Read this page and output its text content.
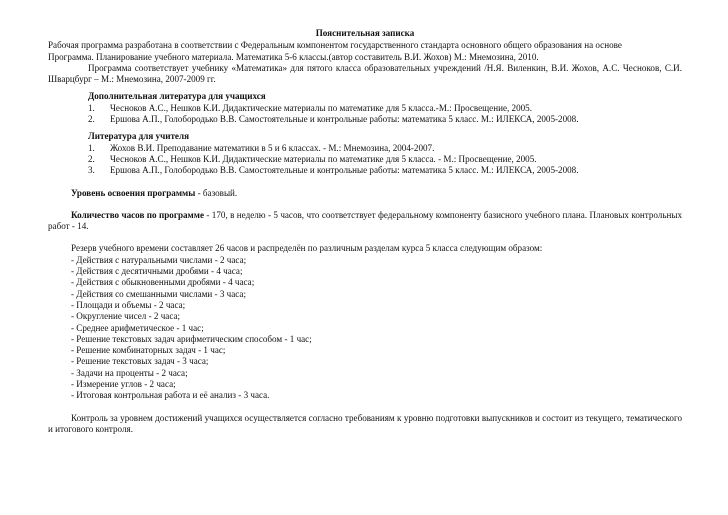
Пояснительная записка
Рабочая программа разработана в соответствии с Федеральным компонентом государственного стандарта основного общего образования на основе
Программа. Планирование учебного материала. Математика 5-6 классы.(автор составитель В.И. Жохов) М.: Мнемозина, 2010.
Программа соответствует учебнику «Математика» для пятого класса образовательных учреждений /Н.Я. Виленкин, В.И. Жохов, А.С. Чесноков, С.И. Шварцбург – М.: Мнемозина, 2007-2009 гг.
Дополнительная литература для учащихся
1.	Чесноков А.С., Нешков К.И. Дидактические материалы по математике для 5 класса.-М.: Просвещение, 2005.
2.	Ершова А.П., Голобородько В.В. Самостоятельные и контрольные работы: математика 5 класс. М.: ИЛЕКСА, 2005-2008.
Литература для учителя
1.	Жохов В.И. Преподавание математики в 5 и 6 классах. - М.: Мнемозина, 2004-2007.
2.	Чесноков А.С., Нешков К.И. Дидактические материалы по математике для 5 класса. - М.: Просвещение, 2005.
3.	Ершова А.П., Голобородько В.В. Самостоятельные и контрольные работы: математика 5 класс. М.: ИЛЕКСА, 2005-2008.
Уровень освоения программы - базовый.
Количество часов по программе - 170, в неделю - 5 часов, что соответствует федеральному компоненту базисного учебного плана. Плановых контрольных работ - 14.
Резерв учебного времени составляет 26 часов и распределён по различным разделам курса 5 класса следующим образом:
- Действия с натуральными числами - 2 часа;
- Действия с десятичными дробями - 4 часа;
- Действия с обыкновенными дробями - 4 часа;
- Действия со смешанными числами - 3 часа;
- Площади и объемы - 2 часа;
- Округление чисел - 2 часа;
- Среднее арифметическое - 1 час;
- Решение текстовых задач арифметическим способом - 1 час;
- Решение комбинаторных задач - 1 час;
- Решение текстовых задач - 3 часа;
- Задачи на проценты - 2 часа;
- Измерение углов - 2 часа;
- Итоговая контрольная работа и её анализ - 3 часа.
Контроль за уровнем достижений учащихся осуществляется согласно требованиям к уровню подготовки выпускников и состоит из текущего, тематического и итогового контроля.
